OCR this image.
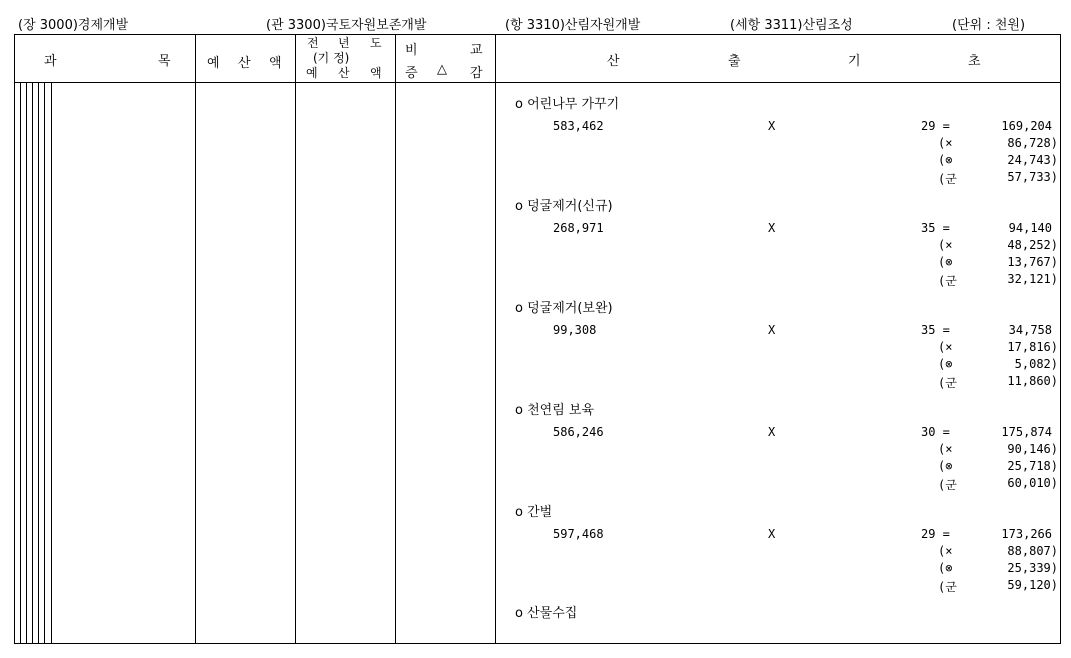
(장 3000)경제개발	(관 3300)국토자원보존개발	(항 3310)산림자원개발	(세항 3311)산림조성	(단위 : 천원)
과	목	예 산 액
전 년 도
(기 정)
예 산 액
비	교
증 △ 감
산	출	기	초
ο 어린나무 가꾸기
583,462	X	29 =	169,204
(×	86,728)
(⊗	24,743)
(군	57,733)
ο 덩굴제거(신규)
268,971	X	35 =	94,140
(×	48,252)
(⊗	13,767)
(군	32,121)
ο 덩굴제거(보완)
99,308	X	35 =	34,758
(×	17,816)
(⊗	5,082)
(군	11,860)
ο 천연림 보육
586,246	X	30 =	175,874
(×	90,146)
(⊗	25,718)
(군	60,010)
ο 간벌
597,468	X	29 =	173,266
(×	88,807)
(⊗	25,339)
(군	59,120)
ο 산물수집
